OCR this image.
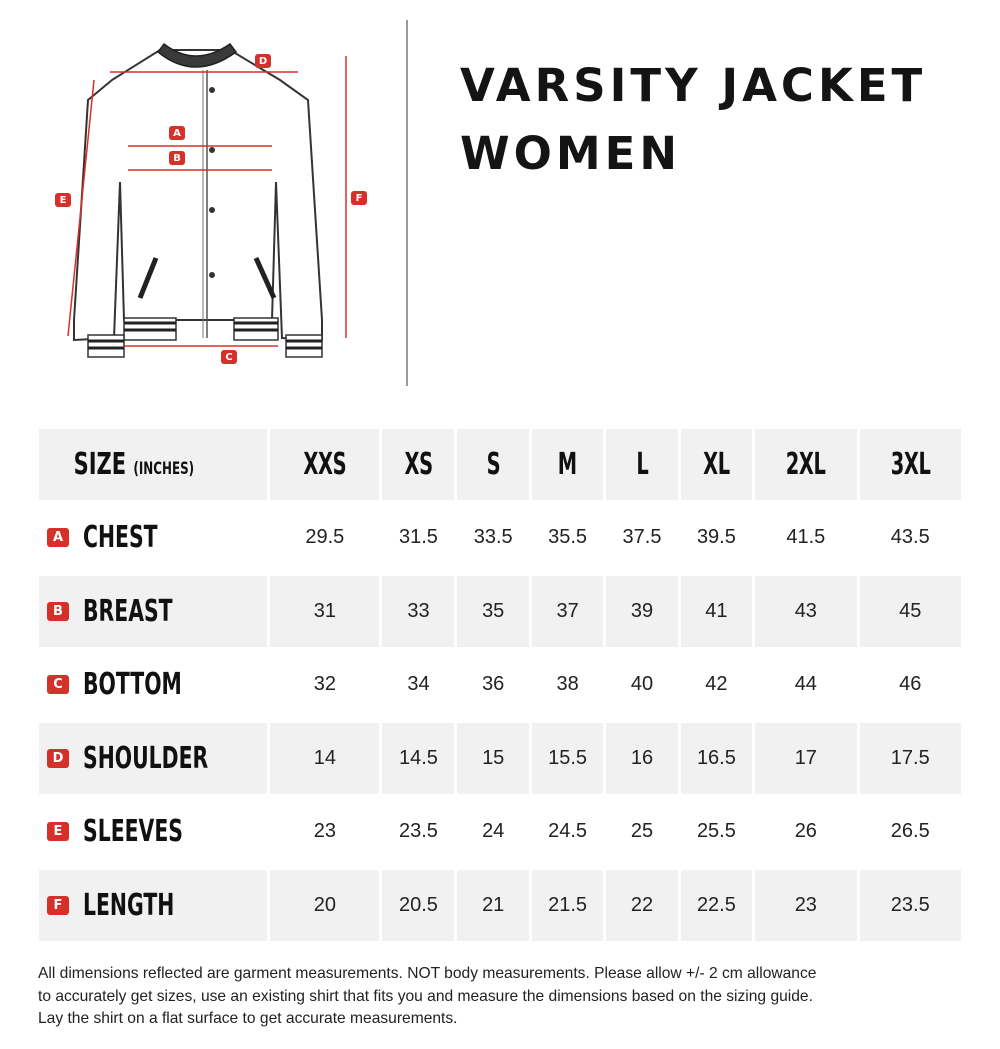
A
B
C
D
E	F
VARSITY JACKET
WOMEN
SIZE (INCHES)	XXS	XS	S	M	L	XL	2XL	3XL

A CHEST	29.5	31.5	33.5	35.5	37.5	39.5	41.5	43.5

B BREAST	31	33	35	37	39	41	43	45

C BOTTOM	32	34	36	38	40	42	44	46

D SHOULDER	14	14.5	15	15.5	16	16.5	17	17.5

E SLEEVES	23	23.5	24	24.5	25	25.5	26	26.5

F LENGTH	20	20.5	21	21.5	22	22.5	23	23.5
All dimensions reflected are garment measurements. NOT body measurements. Please allow +/- 2 cm allowance
to accurately get sizes, use an existing shirt that fits you and measure the dimensions based on the sizing guide.
Lay the shirt on a flat surface to get accurate measurements.
